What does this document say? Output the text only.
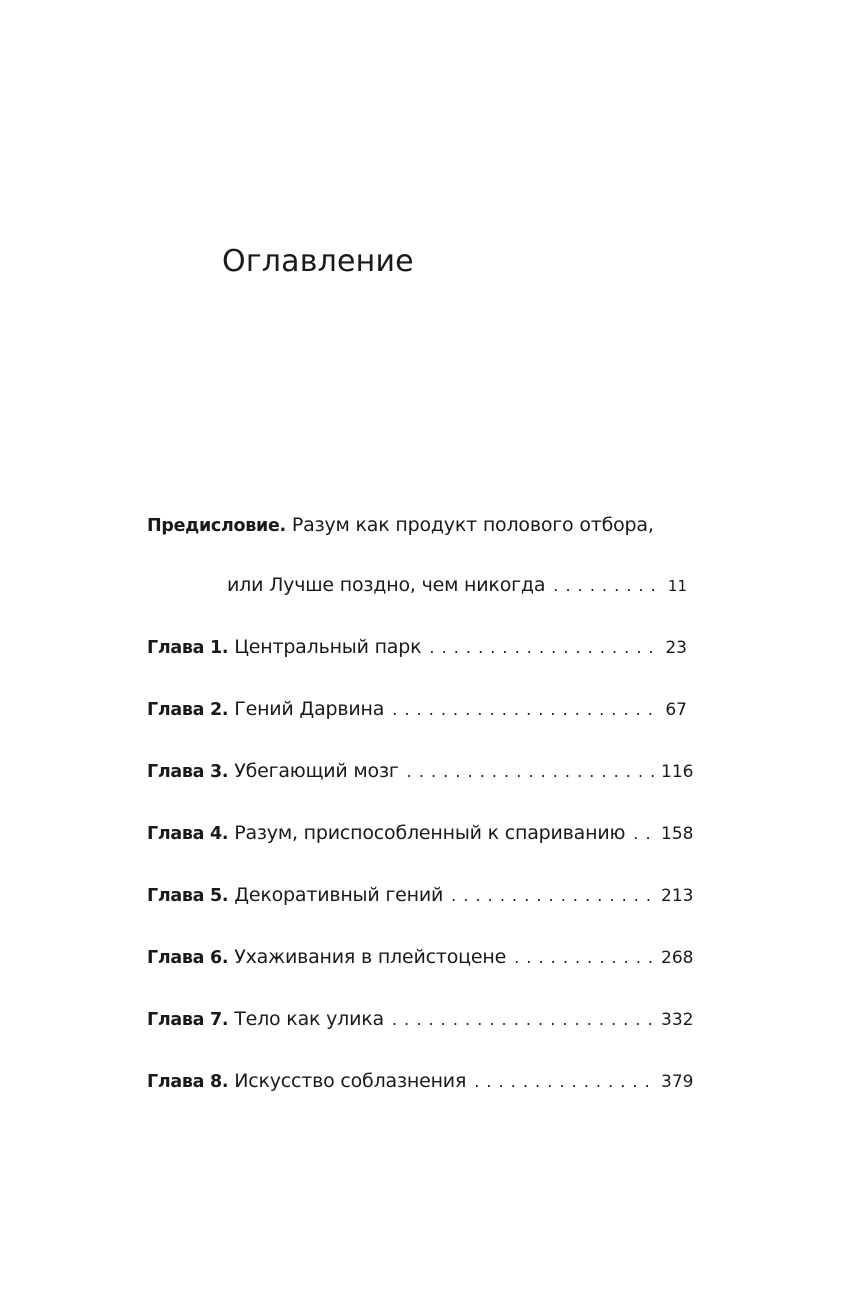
Оглавление
Предисловие. Разум как продукт полового отбора,
или Лучше поздно, чем никогда . . .	11
Глава 1. Центральный парк . . .	23
Глава 2. Гений Дарвина . . .	67
Глава 3. Убегающий мозг . . .	116
Глава 4. Разум, приспособленный к спариванию . . . 158
Глава 5. Декоративный гений . . .	213
Глава 6. Ухаживания в плейстоцене . . .	268
Глава 7. Тело как улика . . .	332
Глава 8. Искусство соблазнения . . .	379
